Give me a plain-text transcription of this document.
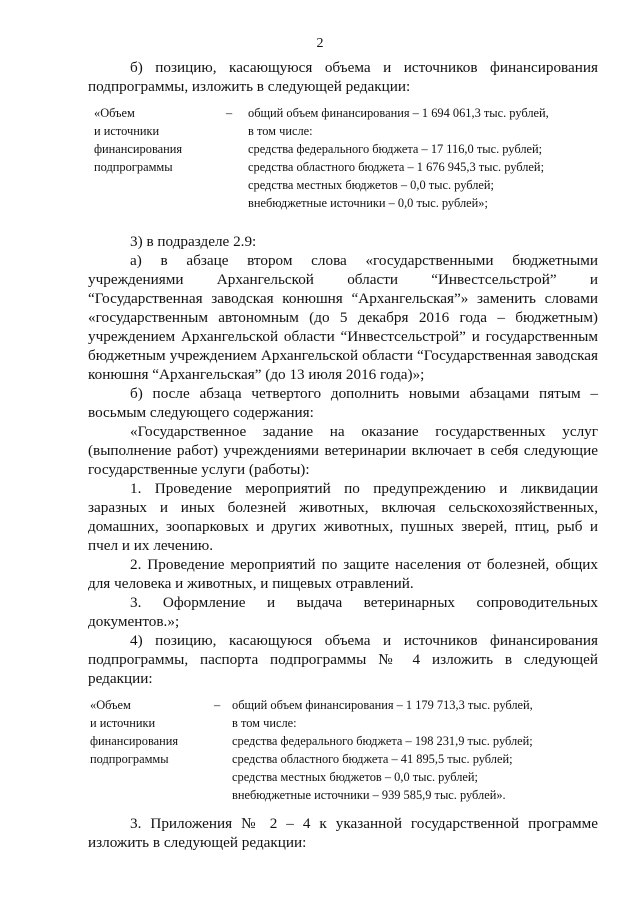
2

б) позицию, касающуюся объема и источников финансирования подпрограммы, изложить в следующей редакции:

«Объем
и источники
финансирования
подпрограммы
–	общий объем финансирования – 1 694 061,3 тыс. рублей,
в том числе:
средства федерального бюджета – 17 116,0 тыс. рублей;
средства областного бюджета – 1 676 945,3 тыс. рублей;
средства местных бюджетов – 0,0 тыс. рублей;
внебюджетные источники – 0,0 тыс. рублей»;

3) в подразделе 2.9:

а) в абзаце втором слова «государственными бюджетными учреждениями Архангельской области “Инвестсельстрой” и “Государственная заводская конюшня “Архангельская”» заменить словами «государственным автономным (до 5 декабря 2016 года – бюджетным) учреждением Архангельской области “Инвестсельстрой” и государственным бюджетным учреждением Архангельской области “Государственная заводская конюшня “Архангельская” (до 13 июля 2016 года)»;

б) после абзаца четвертого дополнить новыми абзацами пятым – восьмым следующего содержания:

«Государственное задание на оказание государственных услуг (выполнение работ) учреждениями ветеринарии включает в себя следующие государственные услуги (работы):

1. Проведение мероприятий по предупреждению и ликвидации заразных и иных болезней животных, включая сельскохозяйственных, домашних, зоопарковых и других животных, пушных зверей, птиц, рыб и пчел и их лечению.

2. Проведение мероприятий по защите населения от болезней, общих для человека и животных, и пищевых отравлений.

3. Оформление и выдача ветеринарных сопроводительных документов.»;

4) позицию, касающуюся объема и источников финансирования подпрограммы, паспорта подпрограммы № 4 изложить в следующей редакции:

«Объем
и источники
финансирования
подпрограммы
– общий объем финансирования – 1 179 713,3 тыс. рублей,
в том числе:
средства федерального бюджета – 198 231,9 тыс. рублей;
средства областного бюджета – 41 895,5 тыс. рублей;
средства местных бюджетов – 0,0 тыс. рублей;
внебюджетные источники – 939 585,9 тыс. рублей».

3. Приложения № 2 – 4 к указанной государственной программе изложить в следующей редакции:
